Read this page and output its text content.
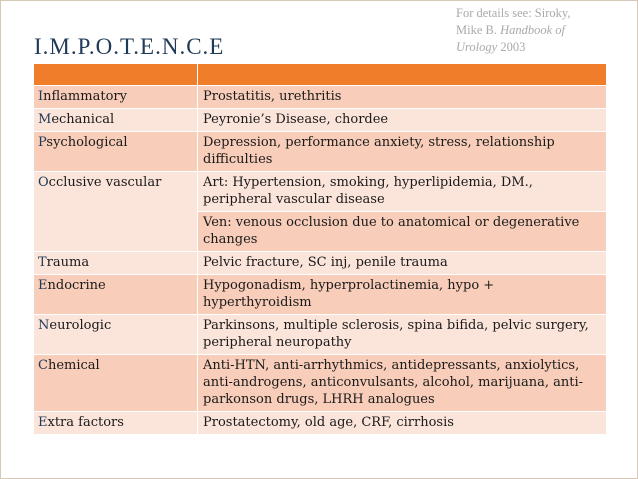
I.M.P.O.T.E.N.C.E
For details see: Siroky,
Mike B. Handbook of
Urology 2003

Inflammatory	Prostatitis, urethritis
Mechanical	Peyronie’s Disease, chordee
Psychological	Depression, performance anxiety, stress, relationship difficulties
Occlusive vascular	Art: Hypertension, smoking, hyperlipidemia, DM., peripheral vascular disease
	Ven: venous occlusion due to anatomical or degenerative changes
Trauma	Pelvic fracture, SC inj, penile trauma
Endocrine	Hypogonadism, hyperprolactinemia, hypo + hyperthyroidism
Neurologic	Parkinsons, multiple sclerosis, spina bifida, pelvic surgery, peripheral neuropathy
Chemical	Anti-HTN, anti-arrhythmics, antidepressants, anxiolytics, anti-androgens, anticonvulsants, alcohol, marijuana, anti-parkonson drugs, LHRH analogues
Extra factors	Prostatectomy, old age, CRF, cirrhosis
